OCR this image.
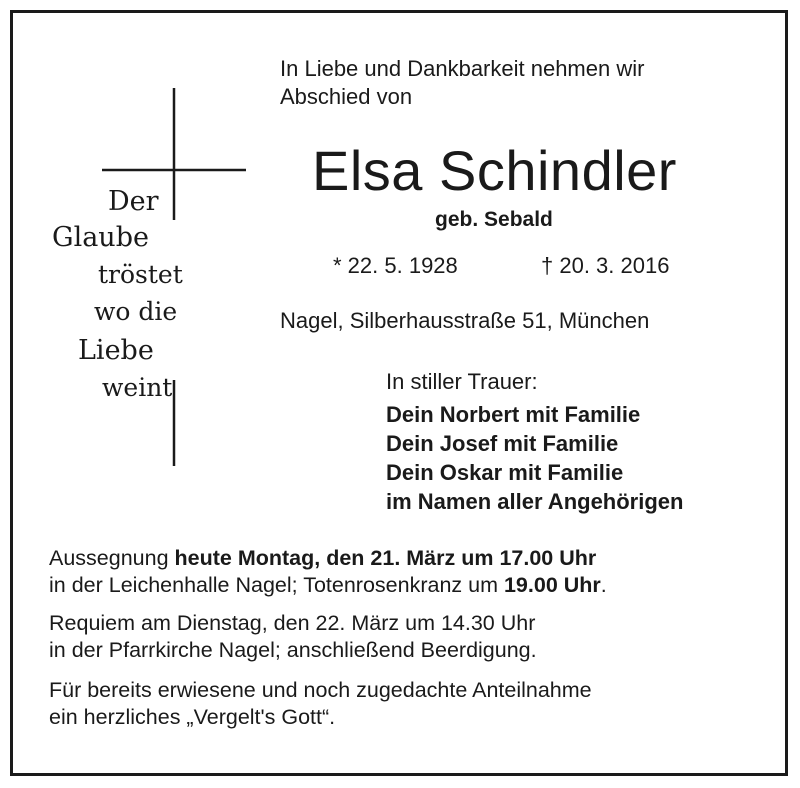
Der
Glaube
tröstet
wo die
Liebe
weint
In Liebe und Dankbarkeit nehmen wir
Abschied von
Elsa Schindler
geb. Sebald
* 22. 5. 1928	† 20. 3. 2016
Nagel, Silberhausstraße 51, München
In stiller Trauer:
Dein Norbert mit Familie
Dein Josef mit Familie
Dein Oskar mit Familie
im Namen aller Angehörigen
Aussegnung heute Montag, den 21. März um 17.00 Uhr
in der Leichenhalle Nagel; Totenrosenkranz um 19.00 Uhr.
Requiem am Dienstag, den 22. März um 14.30 Uhr
in der Pfarrkirche Nagel; anschließend Beerdigung.
Für bereits erwiesene und noch zugedachte Anteilnahme
ein herzliches „Vergelt's Gott“.
